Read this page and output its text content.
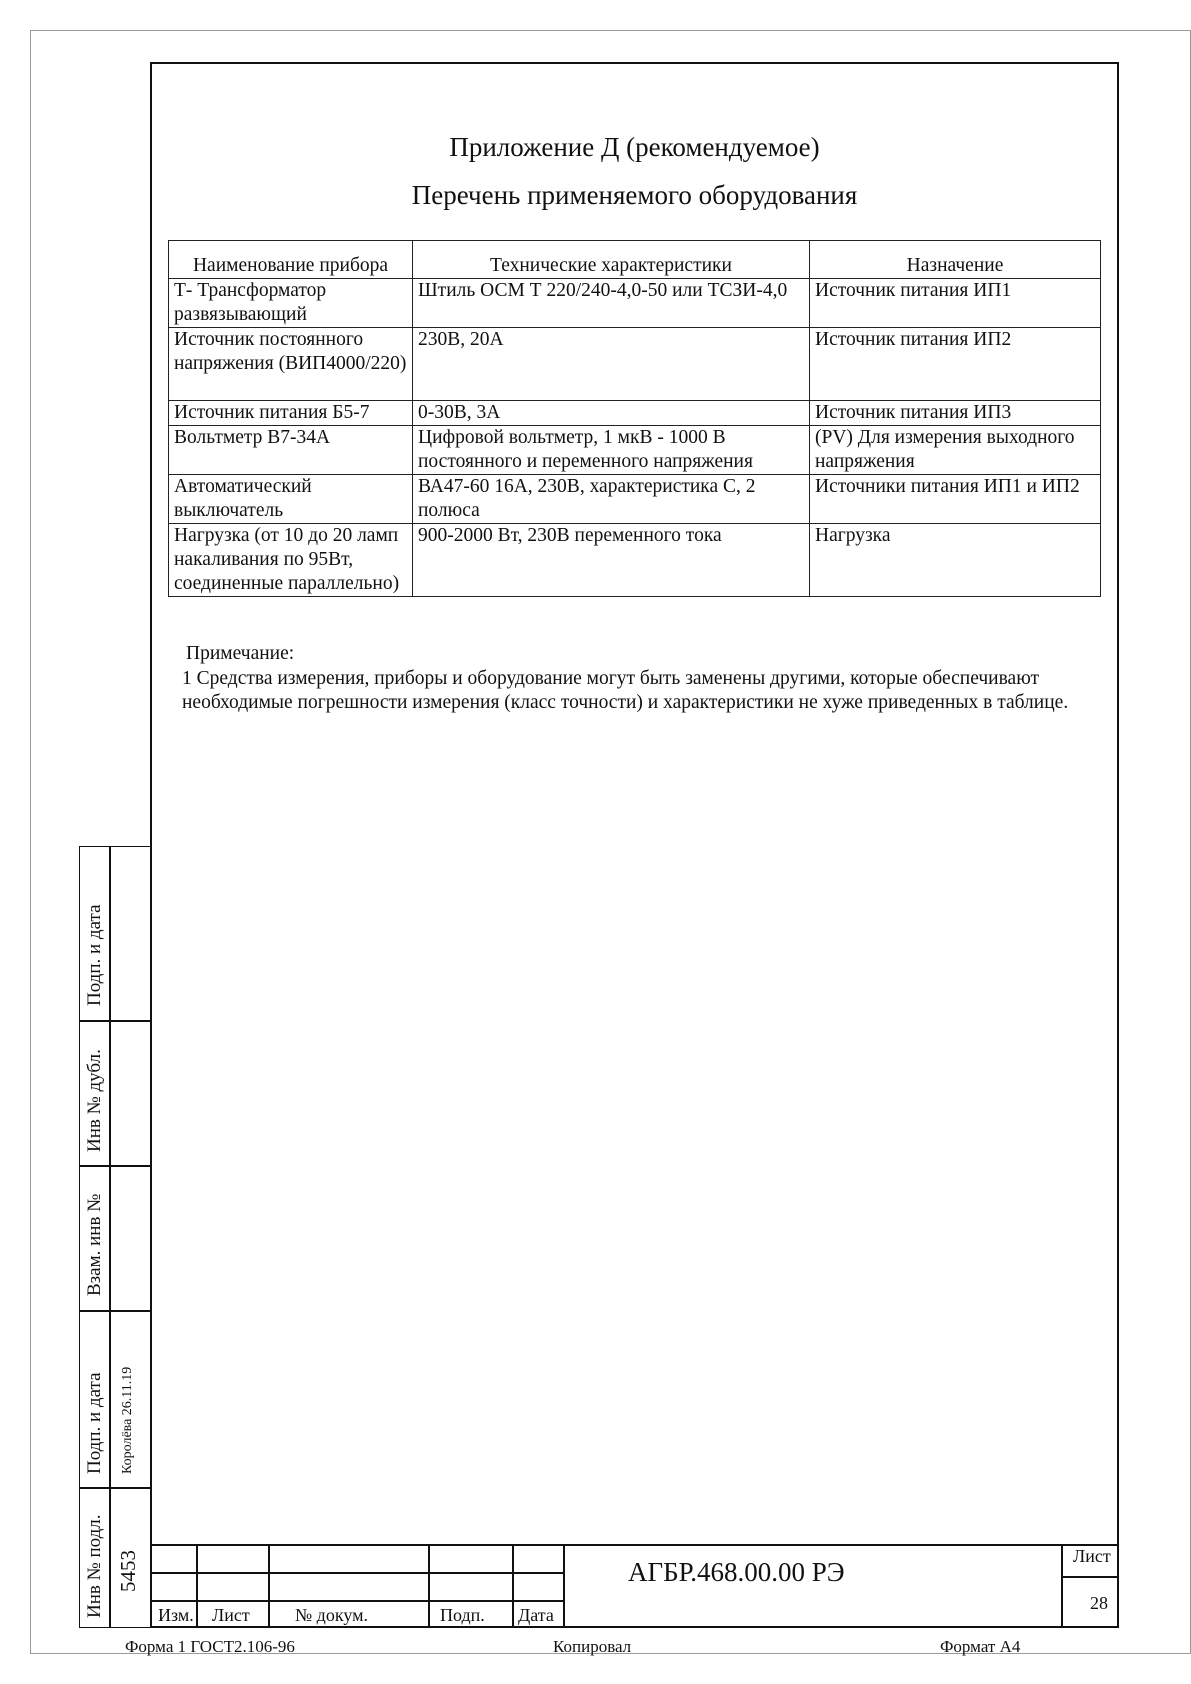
Приложение Д (рекомендуемое)
Перечень применяемого оборудования
Наименование прибора	Технические характеристики	Назначение
Т- Трансформатор развязывающий	Штиль ОСМ Т 220/240-4,0-50 или ТСЗИ-4,0	Источник питания ИП1
Источник постоянного напряжения (ВИП4000/220)	230В, 20А	Источник питания ИП2
Источник питания Б5-7	0-30В, 3А	Источник питания ИП3
Вольтметр В7-34А	Цифровой вольтметр, 1 мкВ - 1000 В постоянного и переменного напряжения	(PV) Для измерения выходного напряжения
Автоматический выключатель	ВА47-60 16А, 230В, характеристика С, 2 полюса	Источники питания ИП1 и ИП2
Нагрузка (от 10 до 20 ламп накаливания по 95Вт, соединенные параллельно)	900-2000 Вт, 230В переменного тока	Нагрузка

Примечание:

1 Средства измерения, приборы и оборудование могут быть заменены другими, которые обеспечивают необходимые погрешности измерения (класс точности) и характеристики не хуже приведенных в таблице.

Подп. и дата
Инв № дубл.
Взам. инв №
Подп. и дата Королёва 26.11.19
Инв № подл. 5453
Изм. Лист	№ докум.	Подп. Дата
АГБР.468.00.00 РЭ
Лист
28
Форма 1 ГОСТ2.106-96	Копировал	Формат А4
